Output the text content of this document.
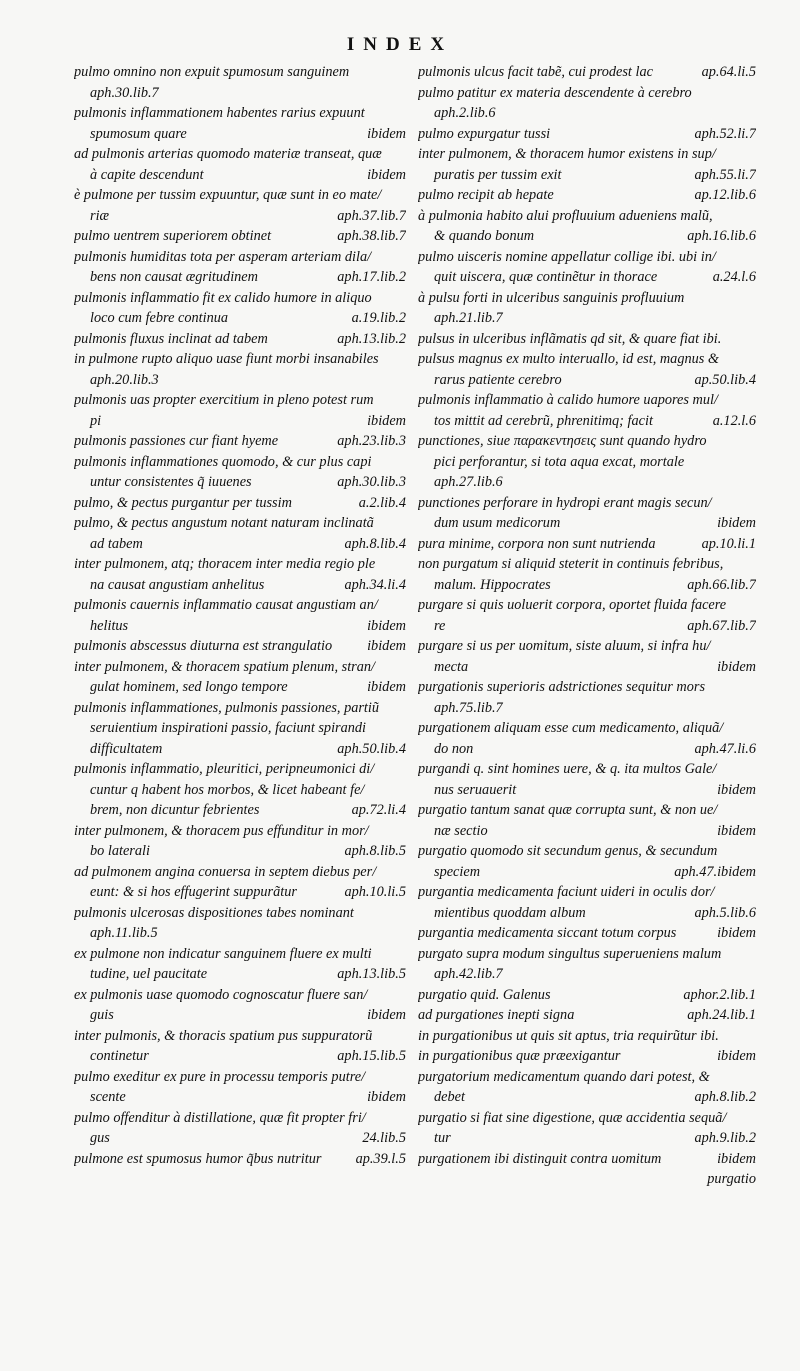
INDEX
pulmo omnino non expuit spumosum sanguinem
aph.30.lib.7
pulmonis inflammationem habentes rarius expuunt
spumosum quare	ibidem
ad pulmonis arterias quomodo materiæ transeat, quæ
à capite descendunt	ibidem
è pulmone per tussim expuuntur, quæ sunt in eo mate/
riæ	aph.37.lib.7
pulmo uentrem superiorem obtinet	aph.38.lib.7
pulmonis humiditas tota per asperam arteriam dila/
bens non causat ægritudinem	aph.17.lib.2
pulmonis inflammatio fit ex calido humore in aliquo
loco cum febre continua	a.19.lib.2
pulmonis fluxus inclinat ad tabem	aph.13.lib.2
in pulmone rupto aliquo uase fiunt morbi insanabiles
aph.20.lib.3
pulmonis uas propter exercitium in pleno potest rum
pi	ibidem
pulmonis passiones cur fiant hyeme	aph.23.lib.3
pulmonis inflammationes quomodo, & cur plus capi
untur consistentes q̃ iuuenes	aph.30.lib.3
pulmo, & pectus purgantur per tussim	a.2.lib.4
pulmo, & pectus angustum notant naturam inclinatã
ad tabem	aph.8.lib.4
inter pulmonem, atq; thoracem inter media regio ple
na causat angustiam anhelitus	aph.34.li.4
pulmonis cauernis inflammatio causat angustiam an/
helitus	ibidem
pulmonis abscessus diuturna est strangulatio ibidem
inter pulmonem, & thoracem spatium plenum, stran/
gulat hominem, sed longo tempore	ibidem
pulmonis inflammationes, pulmonis passiones, partiũ
seruientium inspirationi passio, faciunt spirandi
difficultatem	aph.50.lib.4
pulmonis inflammatio, pleuritici, peripneumonici di/
cuntur q habent hos morbos, & licet habeant fe/
brem, non dicuntur febrientes	ap.72.li.4
inter pulmonem, & thoracem pus effunditur in mor/
bo laterali	aph.8.lib.5
ad pulmonem angina conuersa in septem diebus per/
eunt: & si hos effugerint suppurãtur	aph.10.li.5
pulmonis ulcerosas dispositiones tabes nominant
aph.11.lib.5
ex pulmone non indicatur sanguinem fluere ex multi
tudine, uel paucitate	aph.13.lib.5
ex pulmonis uase quomodo cognoscatur fluere san/
guis	ibidem
inter pulmonis, & thoracis spatium pus suppuratorũ
continetur	aph.15.lib.5
pulmo exeditur ex pure in processu temporis putre/
scente	ibidem
pulmo offenditur à distillatione, quæ fit propter fri/
gus	24.lib.5
pulmone est spumosus humor q̃bus nutritur ap.39.l.5
pulmonis ulcus facit tabẽ, cui prodest lac	ap.64.li.5
pulmo patitur ex materia descendente à cerebro
aph.2.lib.6
pulmo expurgatur tussi	aph.52.li.7
inter pulmonem, & thoracem humor existens in sup/
puratis per tussim exit	aph.55.li.7
pulmo recipit ab hepate	ap.12.lib.6
à pulmonia habito alui profluuium adueniens malũ,
& quando bonum	aph.16.lib.6
pulmo uisceris nomine appellatur collige ibi. ubi in/
quit uiscera, quæ continẽtur in thorace	a.24.l.6
à pulsu forti in ulceribus sanguinis profluuium
aph.21.lib.7
pulsus in ulceribus inflãmatis qd sit, & quare fiat ibi.
pulsus magnus ex multo interuallo, id est, magnus &
rarus patiente cerebro	ap.50.lib.4
pulmonis inflammatio à calido humore uapores mul/
tos mittit ad cerebrũ, phrenitimq; facit	a.12.l.6
punctiones, siue παρακεντησεις sunt quando hydro
pici perforantur, si tota aqua excat, mortale
aph.27.lib.6
punctiones perforare in hydropi erant magis secun/
dum usum medicorum	ibidem
pura minime, corpora non sunt nutrienda	ap.10.li.1
non purgatum si aliquid steterit in continuis febribus,
malum. Hippocrates	aph.66.lib.7
purgare si quis uoluerit corpora, oportet fluida facere
re	aph.67.lib.7
purgare si us per uomitum, siste aluum, si infra hu/
mecta	ibidem
purgationis superioris adstrictiones sequitur mors
aph.75.lib.7
purgationem aliquam esse cum medicamento, aliquã/
do non	aph.47.li.6
purgandi q. sint homines uere, & q. ita multos Gale/
nus seruauerit	ibidem
purgatio tantum sanat quæ corrupta sunt, & non ue/
næ sectio	ibidem
purgatio quomodo sit secundum genus, & secundum
speciem	aph.47.ibidem
purgantia medicamenta faciunt uideri in oculis dor/
mientibus quoddam album	aph.5.lib.6
purgantia medicamenta siccant totum corpus	ibidem
purgato supra modum singultus superueniens malum
aph.42.lib.7
purgatio quid. Galenus	aphor.2.lib.1
ad purgationes inepti signa	aph.24.lib.1
in purgationibus ut quis sit aptus, tria requirũtur ibi.
in purgationibus quæ præexigantur	ibidem
purgatorium medicamentum quando dari potest, &
debet	aph.8.lib.2
purgatio si fiat sine digestione, quæ accidentia sequã/
tur	aph.9.lib.2
purgationem ibi distinguit contra uomitum	ibidem
purgatio
